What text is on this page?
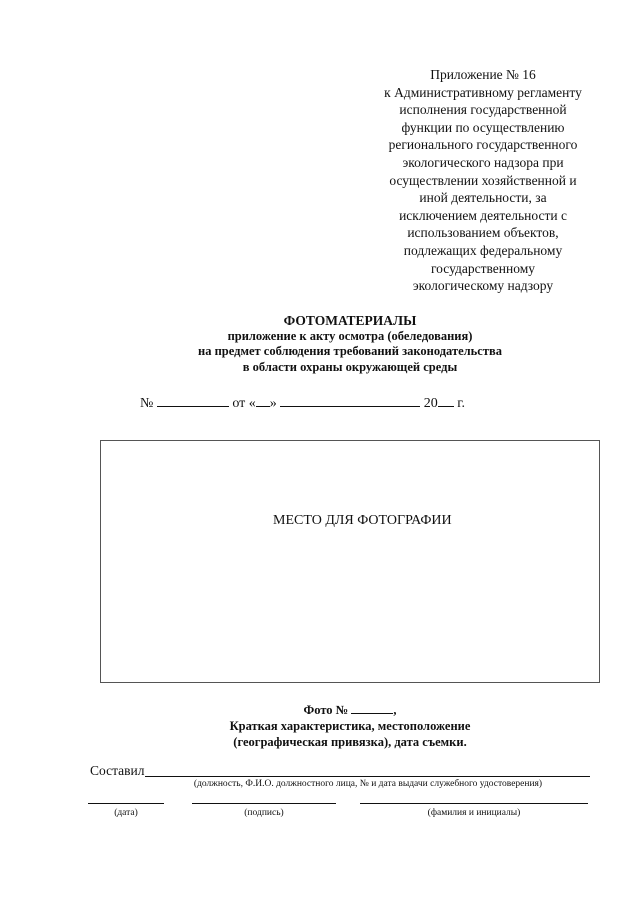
Приложение № 16
к Административному регламенту
исполнения государственной
функции по осуществлению
регионального государственного
экологического надзора при
осуществлении хозяйственной и
иной деятельности, за
исключением деятельности с
использованием объектов,
подлежащих федеральному
государственному
экологическому надзору
ФОТОМАТЕРИАЛЫ
приложение к акту осмотра (обеледования)
на предмет соблюдения требований законодательства
в области охраны окружающей среды
№	от « »	20 г.
МЕСТО ДЛЯ ФОТОГРАФИИ
Фото №	,
Краткая характеристика, местоположение
(географическая привязка), дата съемки.
Составил
(должность, Ф.И.О. должностного лица, № и дата выдачи служебного удостоверения)
(дата)	(подпись)	(фамилия и инициалы)
